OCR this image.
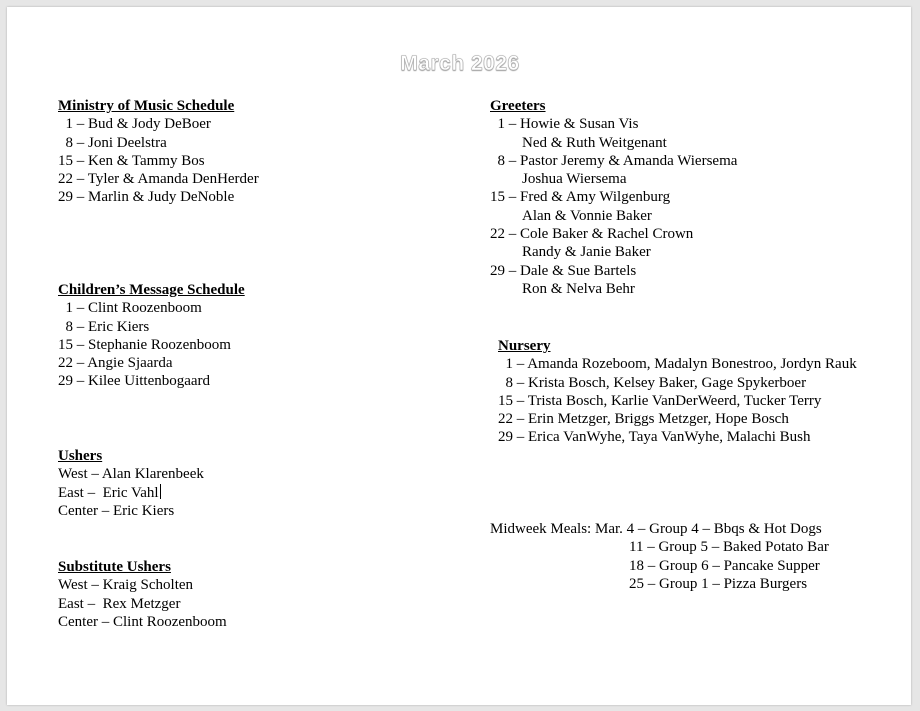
March 2026
Ministry of Music Schedule
1 – Bud & Jody DeBoer
8 – Joni Deelstra
15 – Ken & Tammy Bos
22 – Tyler & Amanda DenHerder
29 – Marlin & Judy DeNoble
Children’s Message Schedule
1 – Clint Roozenboom
8 – Eric Kiers
15 – Stephanie Roozenboom
22 – Angie Sjaarda
29 – Kilee Uittenbogaard
Ushers
West – Alan Klarenbeek
East –  Eric Vahl
Center – Eric Kiers
Substitute Ushers
West – Kraig Scholten
East –  Rex Metzger
Center – Clint Roozenboom
Greeters
1 – Howie & Susan Vis
Ned & Ruth Weitgenant
8 – Pastor Jeremy & Amanda Wiersema
Joshua Wiersema
15 – Fred & Amy Wilgenburg
Alan & Vonnie Baker
22 – Cole Baker & Rachel Crown
Randy & Janie Baker
29 – Dale & Sue Bartels
Ron & Nelva Behr
Nursery
1 – Amanda Rozeboom, Madalyn Bonestroo, Jordyn Rauk
8 – Krista Bosch, Kelsey Baker, Gage Spykerboer
15 – Trista Bosch, Karlie VanDerWeerd, Tucker Terry
22 – Erin Metzger, Briggs Metzger, Hope Bosch
29 – Erica VanWyhe, Taya VanWyhe, Malachi Bush
Midweek Meals: Mar. 4 – Group 4 – Bbqs & Hot Dogs
11 – Group 5 – Baked Potato Bar
18 – Group 6 – Pancake Supper
25 – Group 1 – Pizza Burgers
